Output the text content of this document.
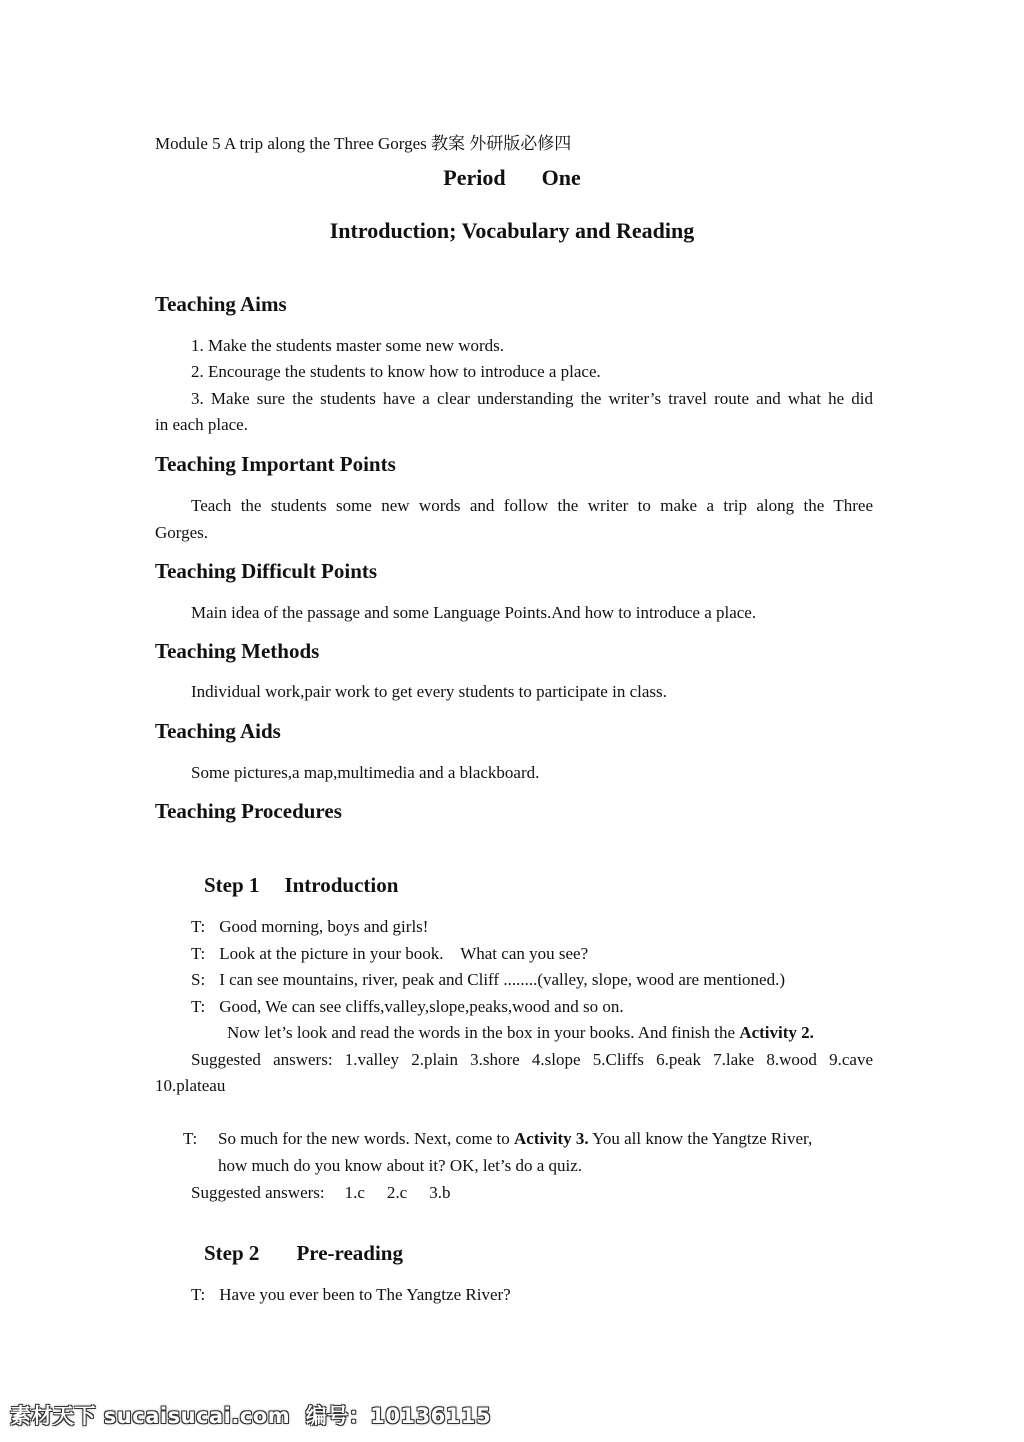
Module 5 A trip along the Three Gorges 教案 外研版必修四
Period One
Introduction; Vocabulary and Reading
Teaching Aims
1. Make the students master some new words.
2. Encourage the students to know how to introduce a place.
3. Make sure the students have a clear understanding the writer’s travel route and what he did
in each place.
Teaching Important Points
Teach the students some new words and follow the writer to make a trip along the Three
Gorges.
Teaching Difficult Points
Main idea of the passage and some Language Points.And how to introduce a place.
Teaching Methods
Individual work,pair work to get every students to participate in class.
Teaching Aids
Some pictures,a map,multimedia and a blackboard.
Teaching Procedures
Step 1 Introduction
T: Good morning, boys and girls!
T: Look at the picture in your book.    What can you see?
S: I can see mountains, river, peak and Cliff ........(valley, slope, wood are mentioned.)
T: Good, We can see cliffs,valley,slope,peaks,wood and so on.
Now let’s look and read the words in the box in your books. And finish the Activity 2.
Suggested answers: 1.valley 2.plain 3.shore 4.slope 5.Cliffs 6.peak 7.lake 8.wood 9.cave
10.plateau
T: So much for the new words. Next, come to Activity 3. You all know the Yangtze River,
how much do you know about it? OK, let’s do a quiz.
Suggested answers: 1.c 2.c 3.b
Step 2 Pre-reading
T: Have you ever been to The Yangtze River?
素材天下 sucaisucai.com  编号：10136115
